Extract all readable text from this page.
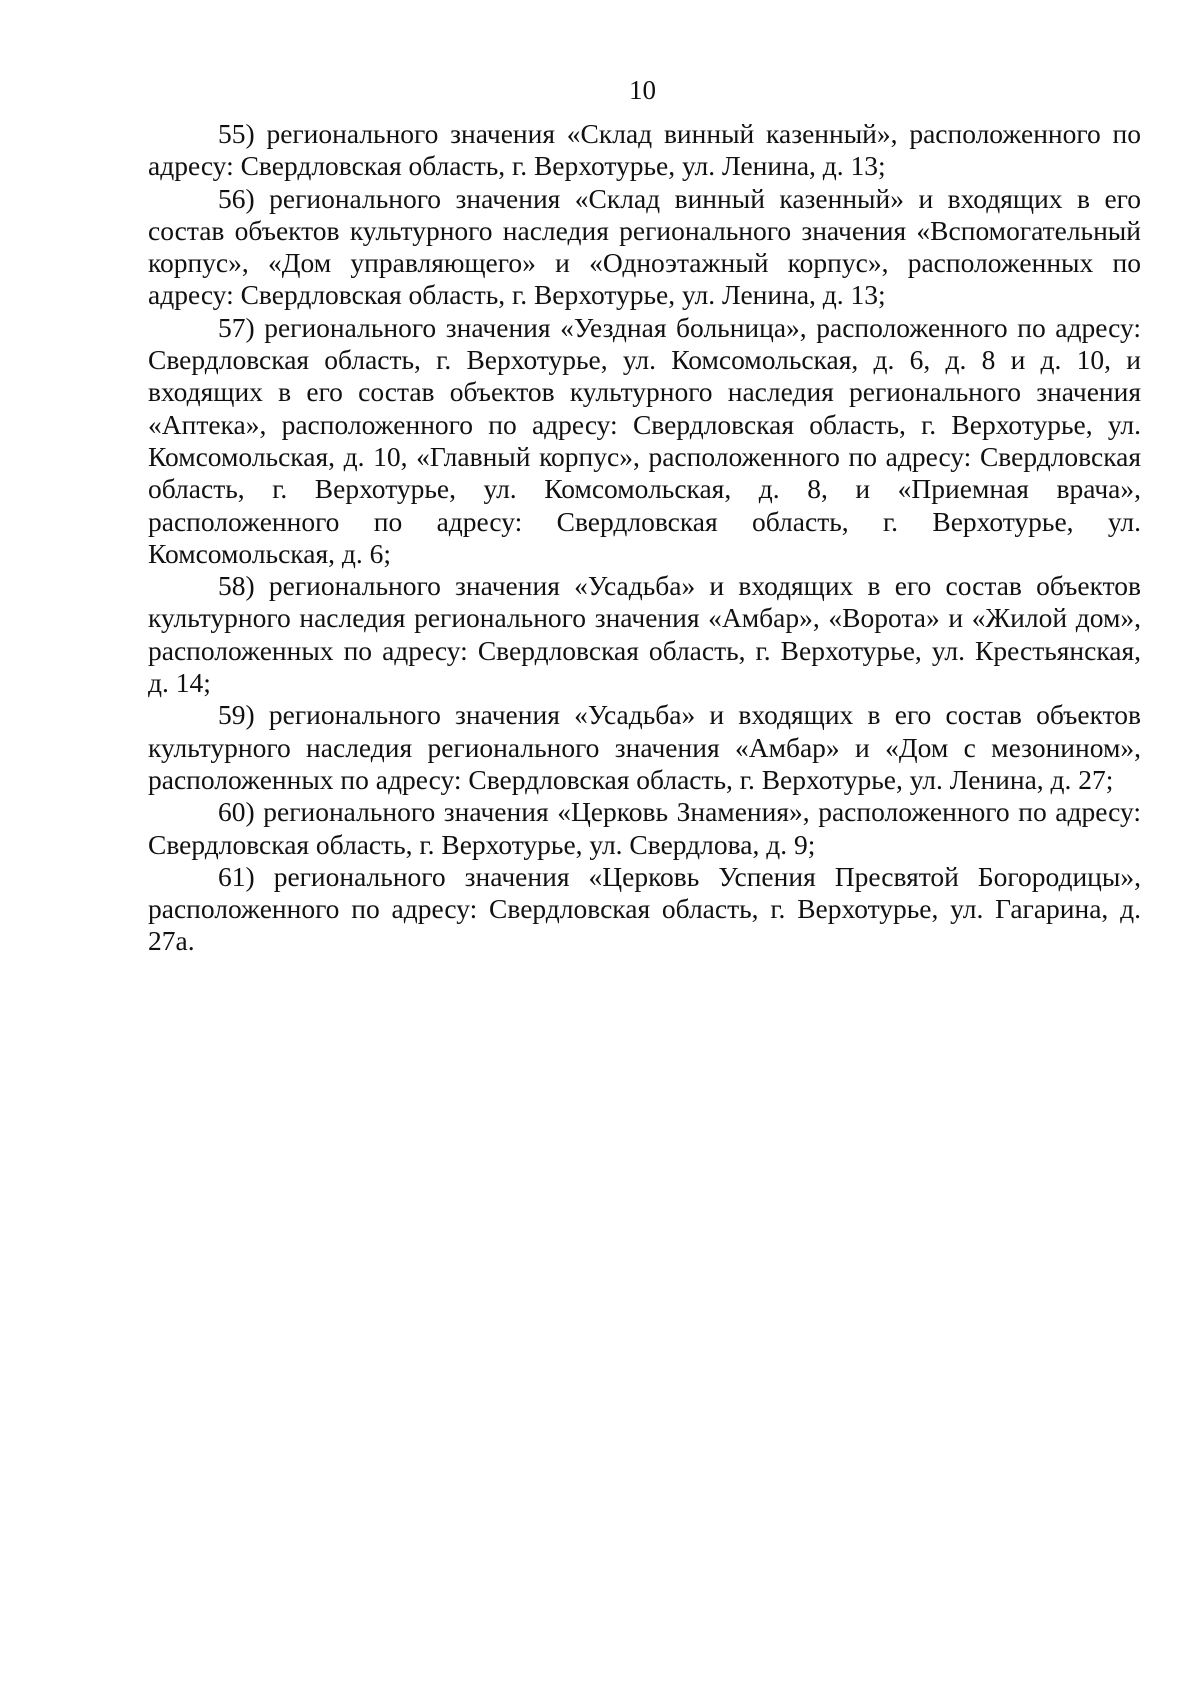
10

55) регионального значения «Склад винный казенный», расположенного по адресу: Свердловская область, г. Верхотурье, ул. Ленина, д. 13;

56) регионального значения «Склад винный казенный» и входящих в его состав объектов культурного наследия регионального значения «Вспомогательный корпус», «Дом управляющего» и «Одноэтажный корпус», расположенных по адресу: Свердловская область, г. Верхотурье, ул. Ленина, д. 13;

57) регионального значения «Уездная больница», расположенного по адресу: Свердловская область, г. Верхотурье, ул. Комсомольская, д. 6, д. 8 и д. 10, и входящих в его состав объектов культурного наследия регионального значения «Аптека», расположенного по адресу: Свердловская область, г. Верхотурье, ул. Комсомольская, д. 10, «Главный корпус», расположенного по адресу: Свердловская область, г. Верхотурье, ул. Комсомольская, д. 8, и «Приемная врача», расположенного по адресу: Свердловская область, г. Верхотурье, ул. Комсомольская, д. 6;

58) регионального значения «Усадьба» и входящих в его состав объектов культурного наследия регионального значения «Амбар», «Ворота» и «Жилой дом», расположенных по адресу: Свердловская область, г. Верхотурье, ул. Крестьянская, д. 14;

59) регионального значения «Усадьба» и входящих в его состав объектов культурного наследия регионального значения «Амбар» и «Дом с мезонином», расположенных по адресу: Свердловская область, г. Верхотурье, ул. Ленина, д. 27;

60) регионального значения «Церковь Знамения», расположенного по адресу: Свердловская область, г. Верхотурье, ул. Свердлова, д. 9;

61) регионального значения «Церковь Успения Пресвятой Богородицы», расположенного по адресу: Свердловская область, г. Верхотурье, ул. Гагарина, д. 27а.
